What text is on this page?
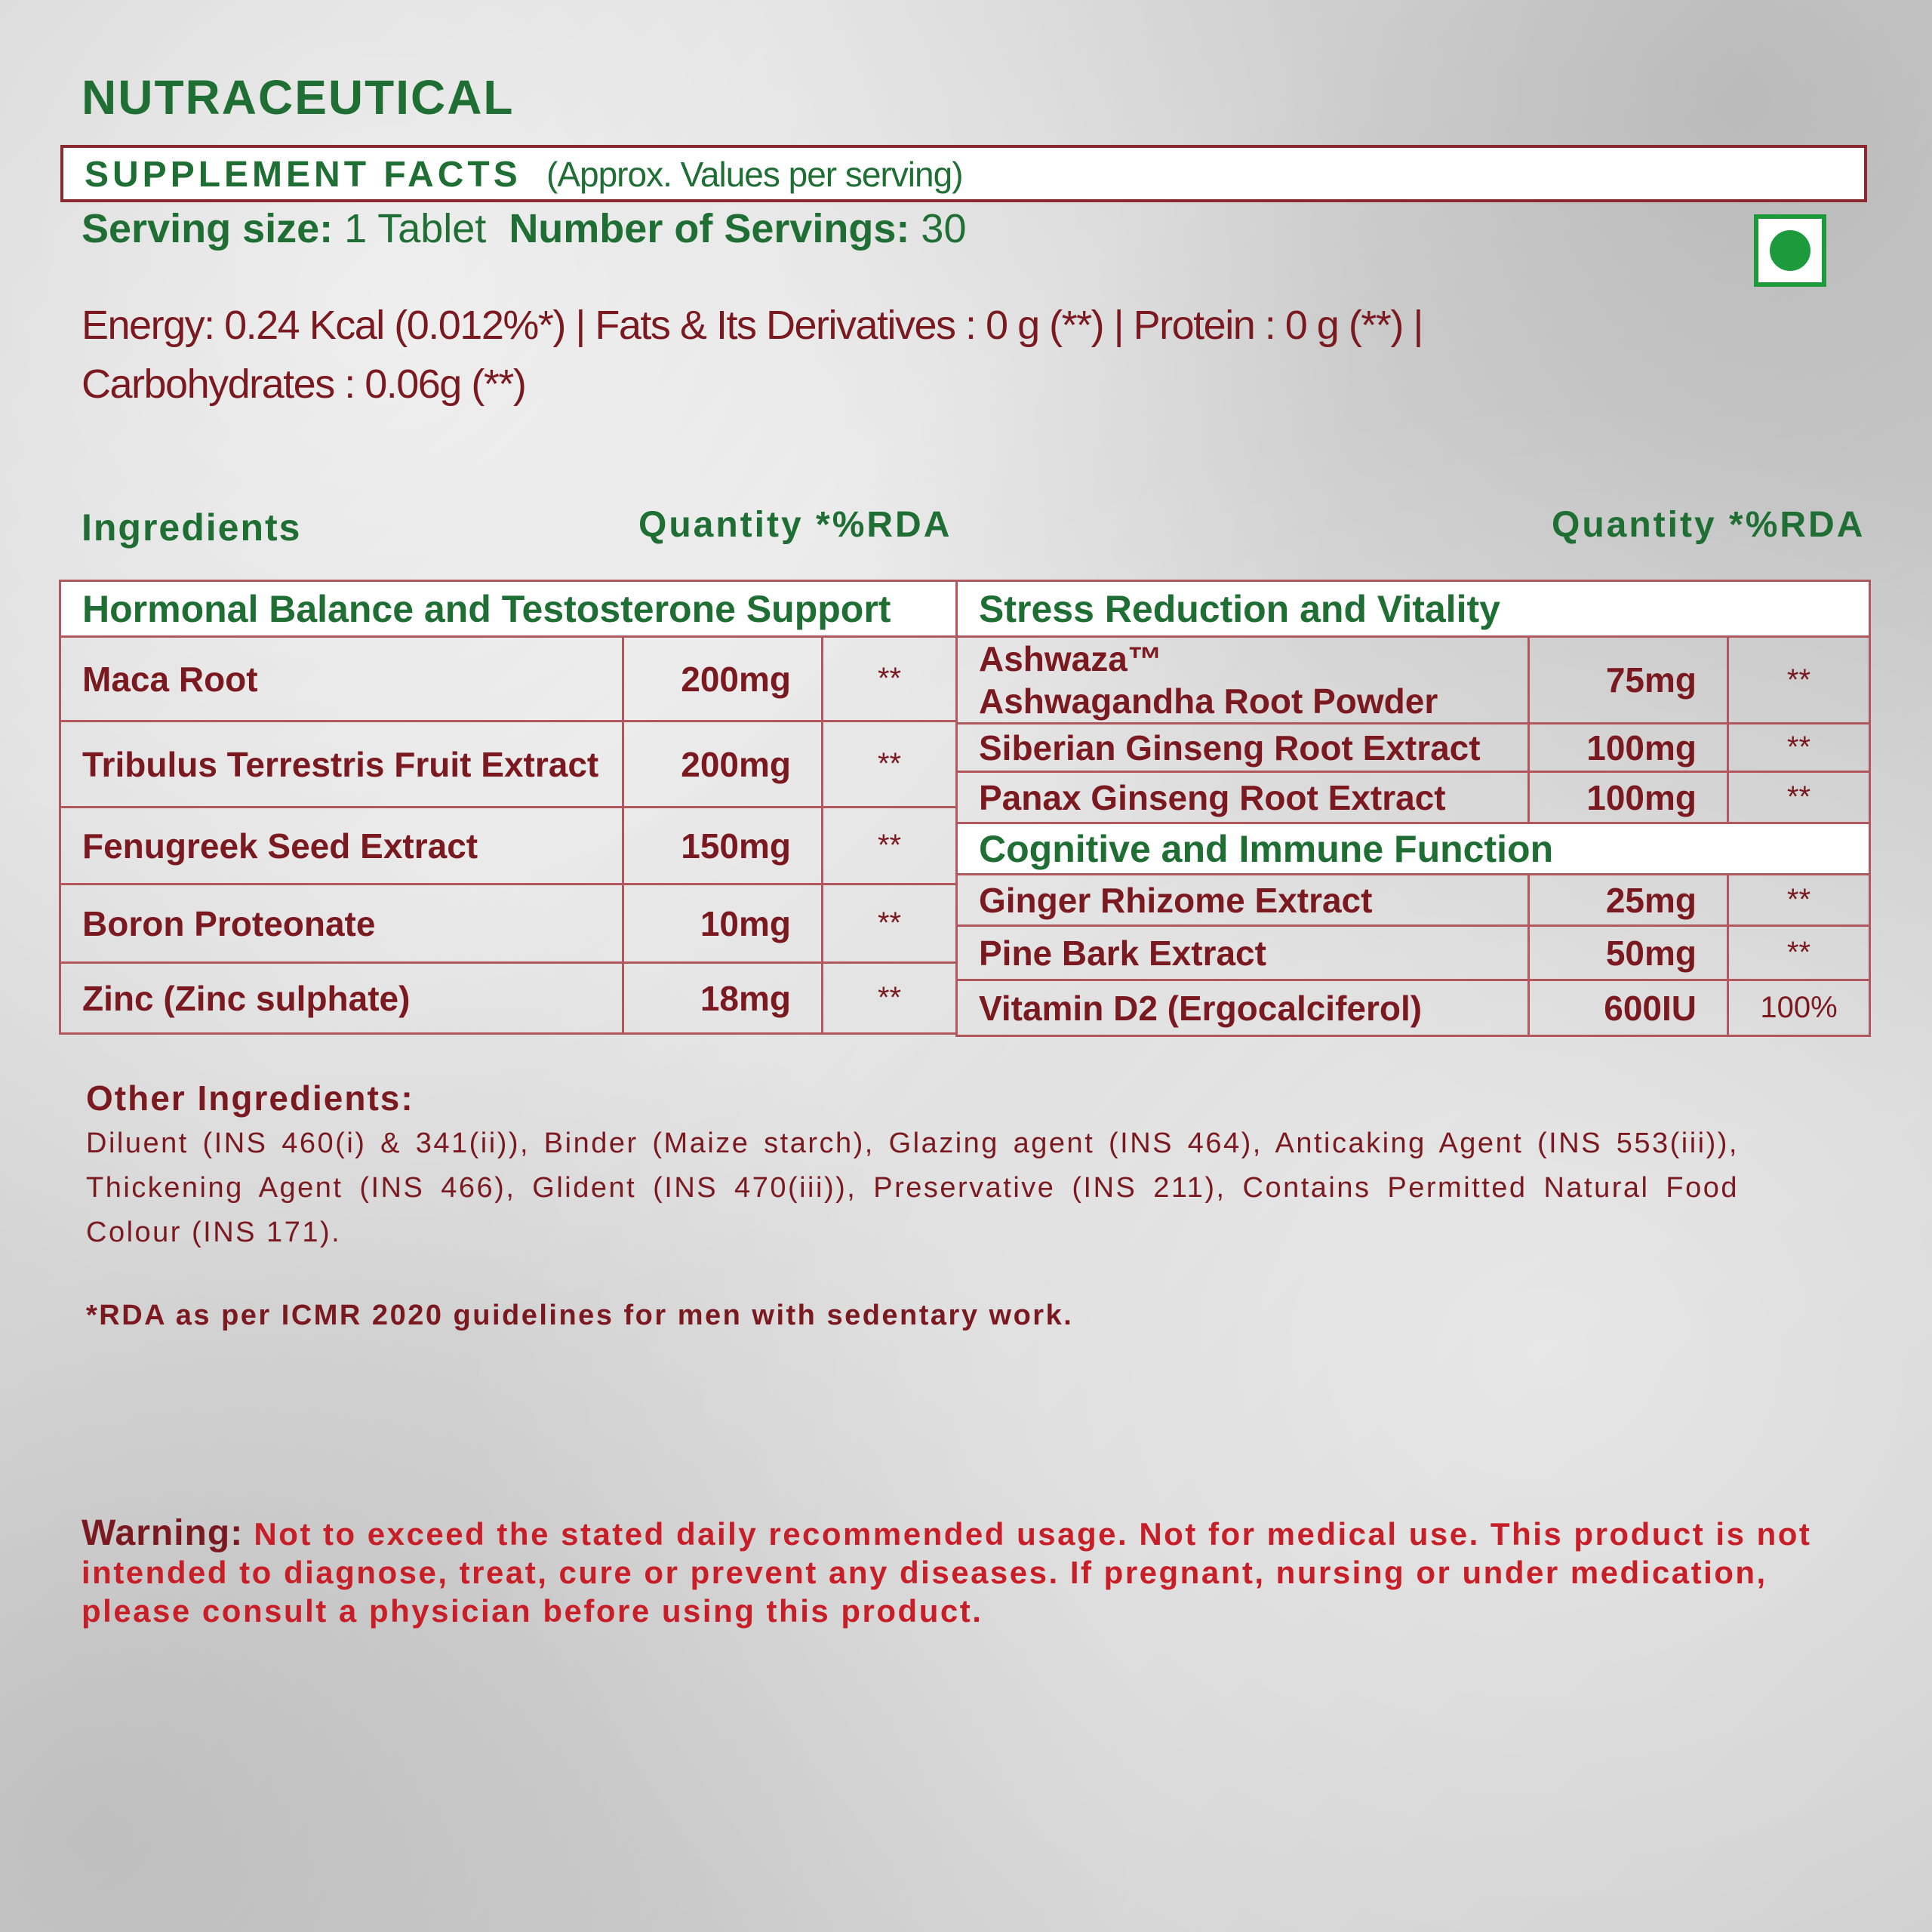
NUTRACEUTICAL
SUPPLEMENT FACTS (Approx. Values per serving)
Serving size: 1 Tablet Number of Servings: 30
Energy: 0.24 Kcal (0.012%*) | Fats & Its Derivatives : 0 g (**) | Protein : 0 g (**) |
Carbohydrates : 0.06g (**)
Ingredients	Quantity *%RDA	Quantity *%RDA
Hormonal Balance and Testosterone Support		
Maca Root	200mg	**
Tribulus Terrestris Fruit Extract	200mg	**
Fenugreek Seed Extract	150mg	**
Boron Proteonate	10mg	**
Zinc (Zinc sulphate)	18mg	**
Stress Reduction and Vitality		

Ashwaza™
Ashwagandha Root Powder	75mg	**
Siberian Ginseng Root Extract	100mg	**
Panax Ginseng Root Extract	100mg	**
Cognitive and Immune Function		
Ginger Rhizome Extract	25mg	**
Pine Bark Extract	50mg	**
Vitamin D2 (Ergocalciferol)	600IU	100%
Other Ingredients:
Diluent (INS 460(i) & 341(ii)), Binder (Maize starch), Glazing agent (INS 464), Anticaking Agent (INS 553(iii)), Thickening Agent (INS 466), Glident (INS 470(iii)), Preservative (INS 211), Contains Permitted Natural Food Colour (INS 171).
*RDA as per ICMR 2020 guidelines for men with sedentary work.
Warning: Not to exceed the stated daily recommended usage. Not for medical use. This product is not intended to diagnose, treat, cure or prevent any diseases. If pregnant, nursing or under medication, please consult a physician before using this product.
